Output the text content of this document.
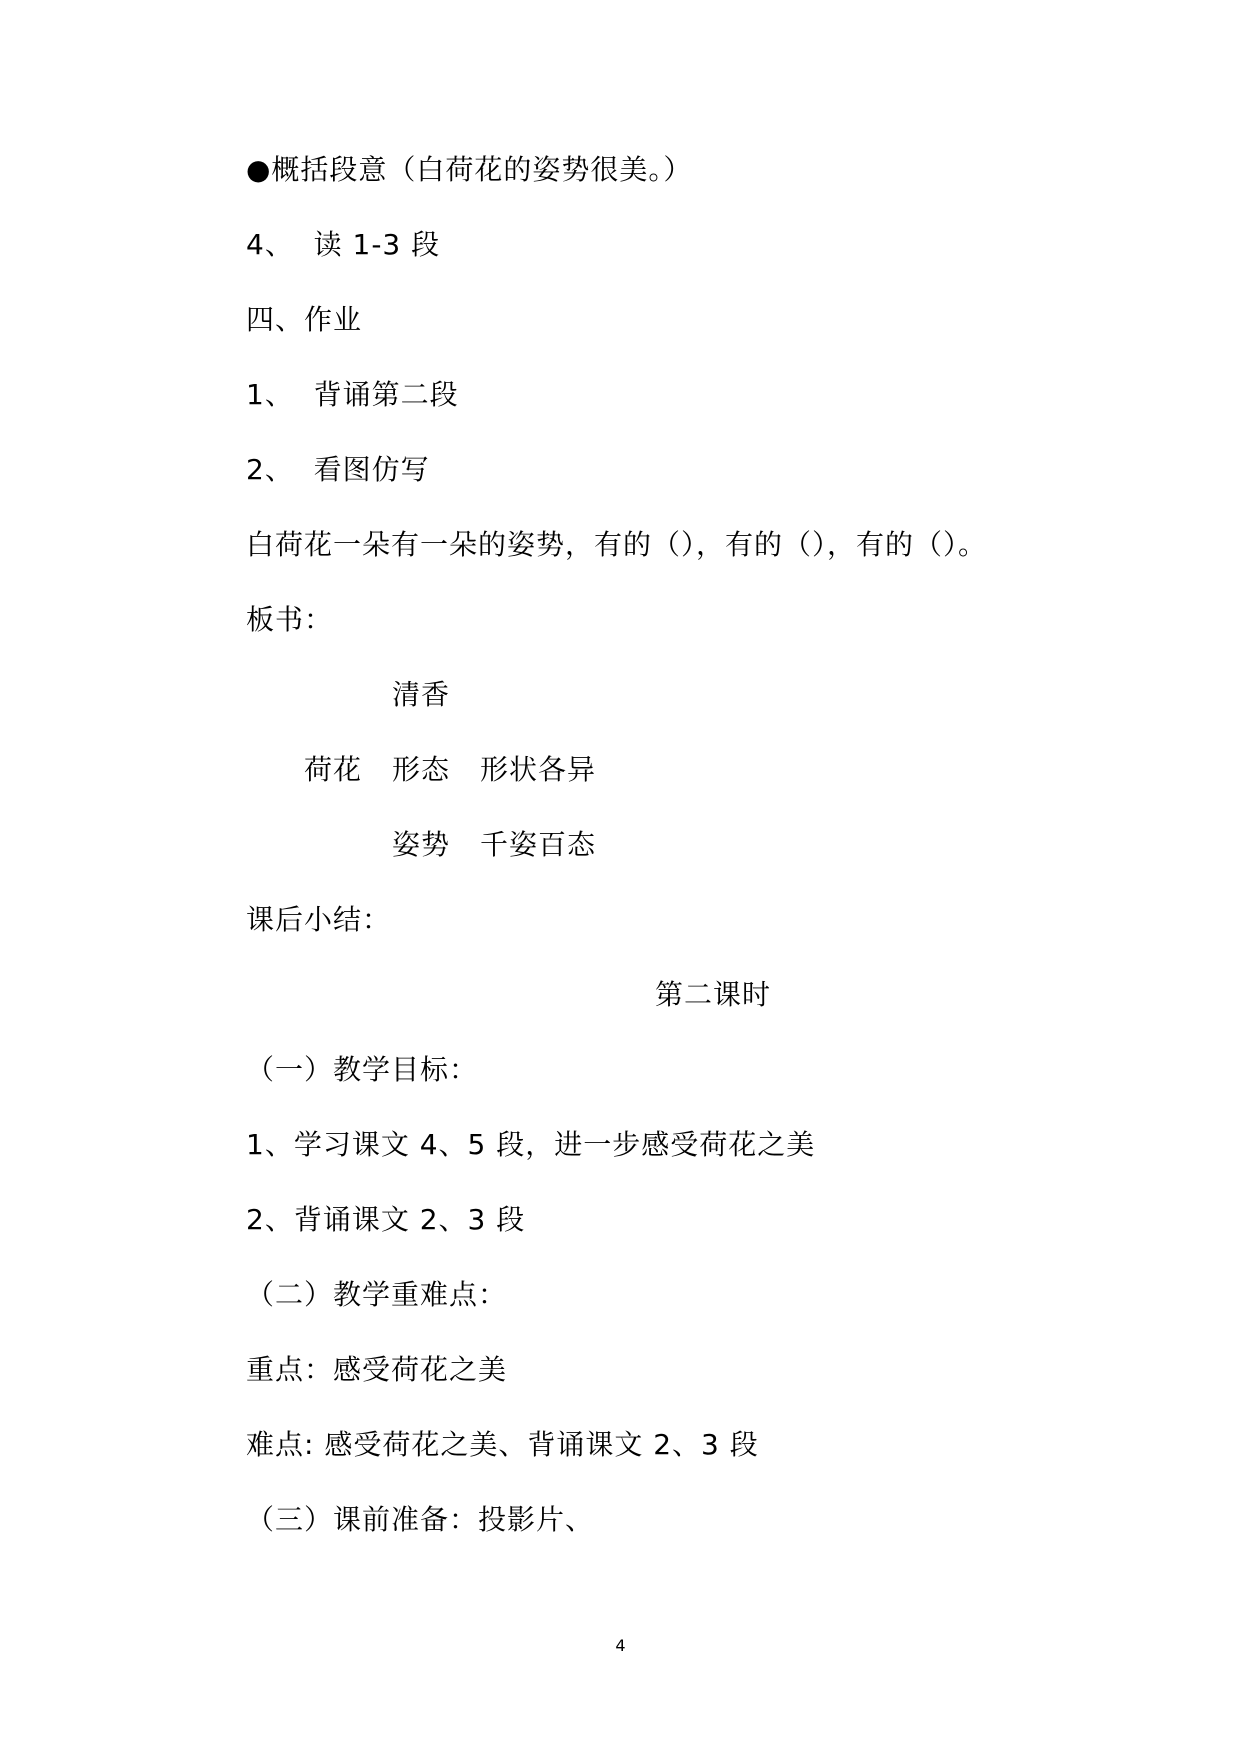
●概括段意（白荷花的姿势很美。）
4、  读 1-3 段
四、作业
1、  背诵第二段
2、  看图仿写
白荷花一朵有一朵的姿势，有的（），有的（），有的（）。
板书：
清香
荷花 形态 形状各异
姿势 千姿百态
课后小结：
第二课时
（一）教学目标：
1、学习课文 4、5 段，进一步感受荷花之美
2、背诵课文 2、3 段
（二）教学重难点：
重点：感受荷花之美
难点: 感受荷花之美、背诵课文 2、3 段
（三）课前准备：投影片、
4
